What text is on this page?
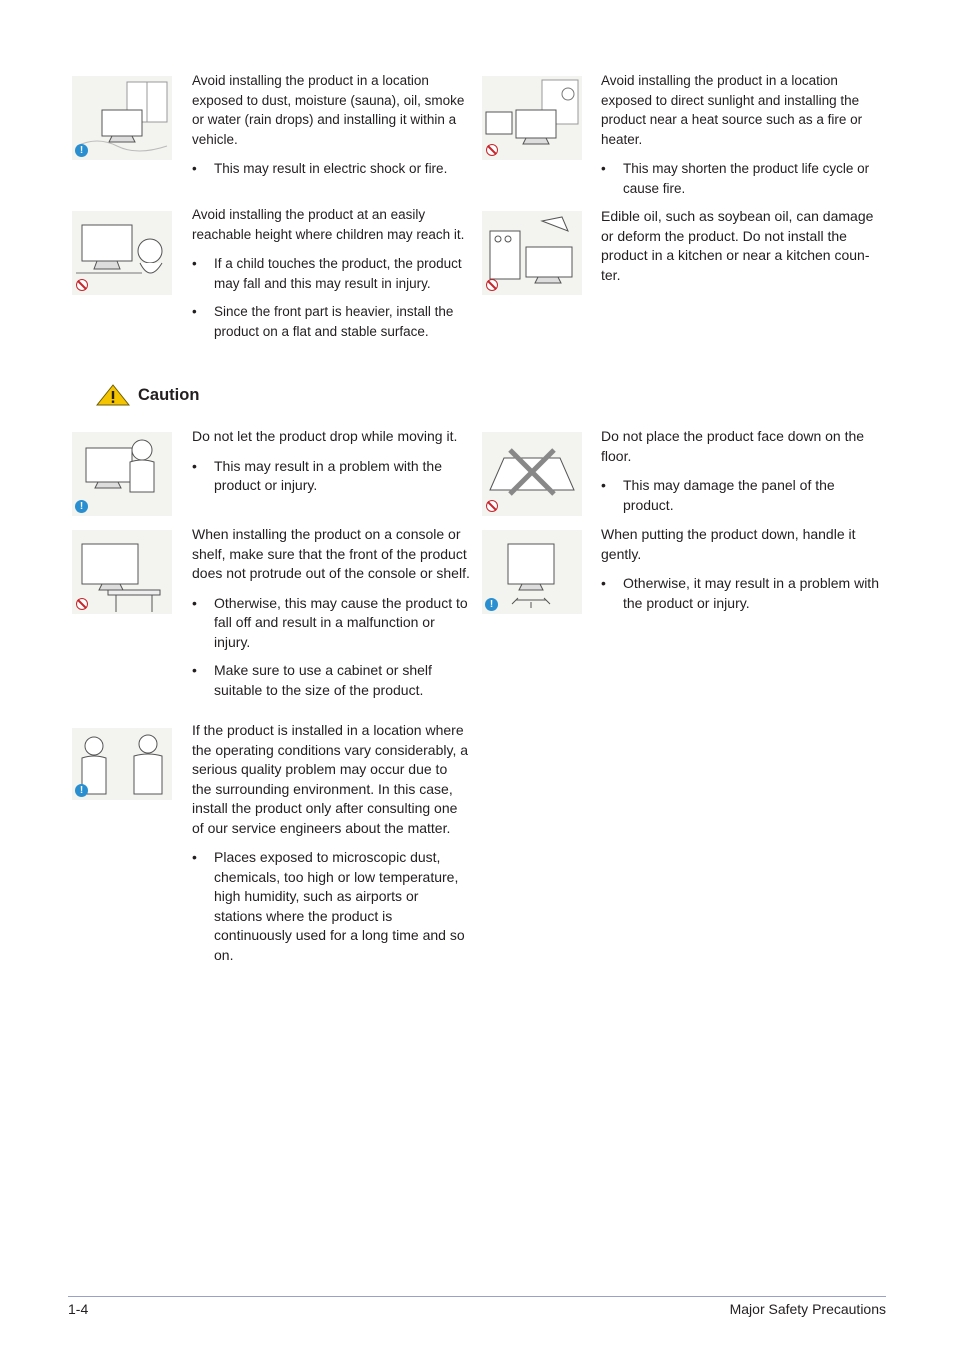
!

Avoid installing the product in a location exposed to dust, moisture (sauna), oil, smoke or water (rain drops) and installing it within a vehicle.

• This may result in electric shock or fire.

Avoid installing the product in a location exposed to direct sunlight and installing the product near a heat source such as a fire or heater.

• This may shorten the product life cycle or cause fire.

Avoid installing the product at an easily reachable height where children may reach it.

• If a child touches the product, the product may fall and this may result in injury.
• Since the front part is heavier, install the product on a flat and stable surface.

Edible oil, such as soybean oil, can damage or deform the product. Do not install the product in a kitchen or near a kitchen coun-ter.

Caution
!

Do not let the product drop while moving it.

• This may result in a problem with the product or injury.

Do not place the product face down on the floor.

• This may damage the panel of the product.

When installing the product on a console or shelf, make sure that the front of the product does not protrude out of the console or shelf.

• Otherwise, this may cause the product to fall off and result in a malfunction or injury.
• Make sure to use a cabinet or shelf suitable to the size of the product.
!

When putting the product down, handle it gently.

• Otherwise, it may result in a problem with the product or injury.
!

If the product is installed in a location where the operating conditions vary considerably, a serious quality problem may occur due to the surrounding environment. In this case, install the product only after consulting one of our service engineers about the matter.

• Places exposed to microscopic dust, chemicals, too high or low temperature, high humidity, such as airports or stations where the product is continuously used for a long time and so on.
1-4	Major Safety Precautions
